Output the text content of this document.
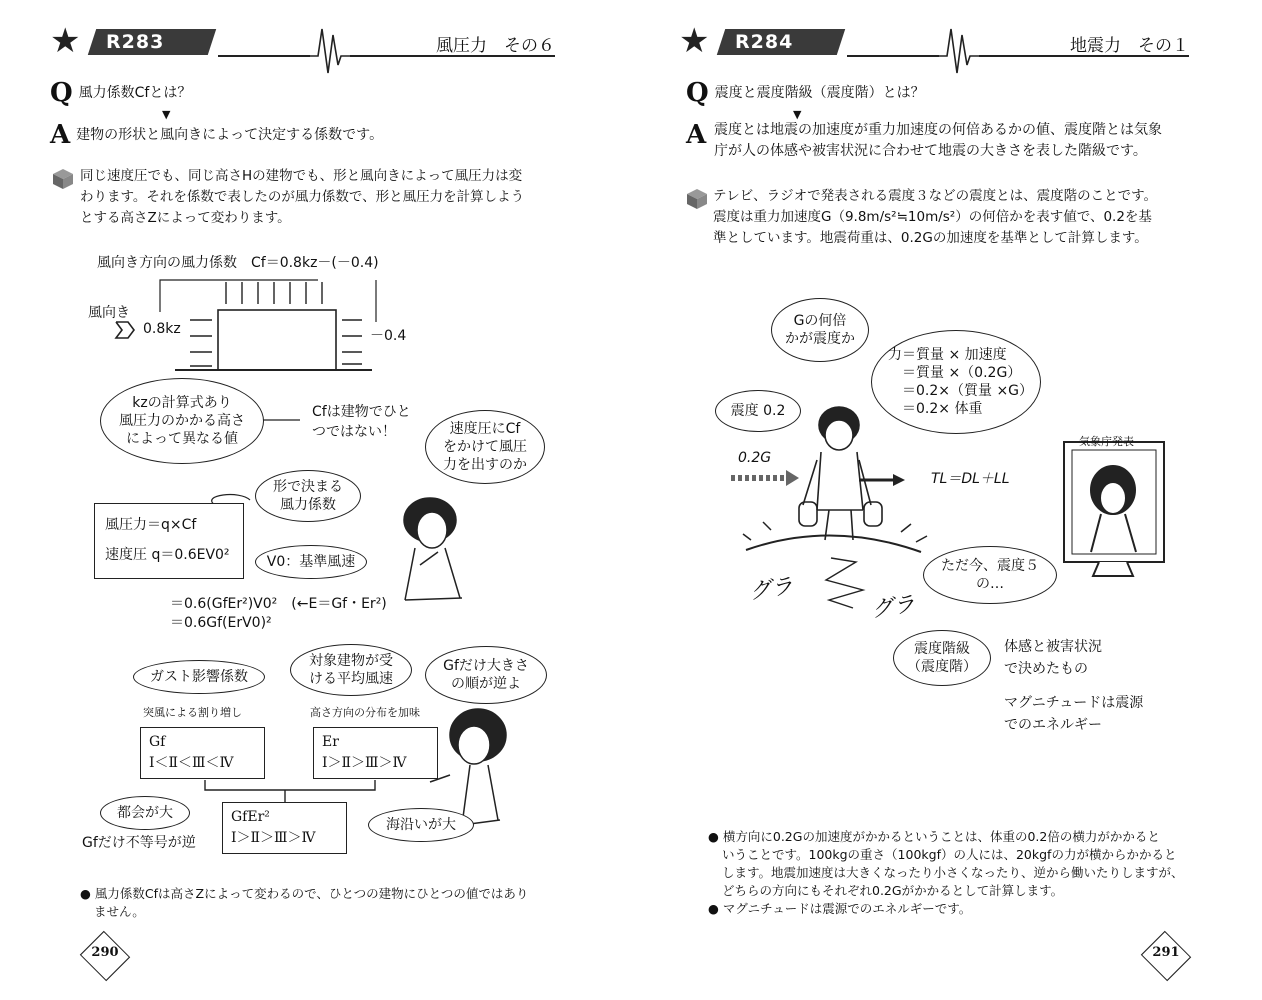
★ R283	風圧力　その６
Q風力係数Cfとは？
▼
A建物の形状と風向きによって決定する係数です。
同じ速度圧でも、同じ高さHの建物でも、形と風向きによって風圧力は変
わります。それを係数で表したのが風力係数で、形と風圧力を計算しよう
とする高さZによって変わります。
風向き方向の風力係数　Cf＝0.8kz－(－0.4)
風向き
0.8kz	－0.4
kzの計算式あり
風圧力のかかる高さ
によって異なる値
Cfは建物でひと
つではない！	速度圧にCf
をかけて風圧
力を出すのか
形で決まる
風力係数
風圧力＝q×Cf
速度圧 q＝0.6EV0²	V0：基準風速
＝0.6(GfEr²)V0²　(←E＝Gf・Er²)
＝0.6Gf(ErV0)²
ガスト影響係数
対象建物が受
ける平均風速
Gfだけ大きさ
の順が逆よ
突風による割り増し	高さ方向の分布を加味
Gf
Ⅰ＜Ⅱ＜Ⅲ＜Ⅳ
Er
Ⅰ＞Ⅱ＞Ⅲ＞Ⅳ
GfEr²
Ⅰ＞Ⅱ＞Ⅲ＞Ⅳ
都会が大
Gfだけ不等号が逆
海沿いが大
● 風力係数Cfは高さZによって変わるので、ひとつの建物にひとつの値ではあり
ません。
290
★ R284	地震力　その１
Q震度と震度階級（震度階）とは？
▼
A 震度とは地震の加速度が重力加速度の何倍あるかの値、震度階とは気象
庁が人の体感や被害状況に合わせて地震の大きさを表した階級です。
テレビ、ラジオで発表される震度３などの震度とは、震度階のことです。
震度は重力加速度G（9.8m/s²≒10m/s²）の何倍かを表す値で、0.2を基
準としています。地震荷重は、0.2Gの加速度を基準として計算します。
Gの何倍
かが震度か
力＝質量 × 加速度
　＝質量 ×（0.2G）
　＝0.2×（質量 ×G）
　＝0.2× 体重
震度 0.2
0.2G
TL＝DL＋LL
気象庁発表
ただ今、震度５
の…
グラ
グラ
震度階級
（震度階）
体感と被害状況
で決めたもの
マグニチュードは震源
でのエネルギー
● 横方向に0.2Gの加速度がかかるということは、体重の0.2倍の横力がかかると
いうことです。100kgの重さ（100kgf）の人には、20kgfの力が横からかかると
します。地震加速度は大きくなったり小さくなったり、逆から働いたりしますが、
どちらの方向にもそれぞれ0.2Gがかかるとして計算します。
● マグニチュードは震源でのエネルギーです。
291
